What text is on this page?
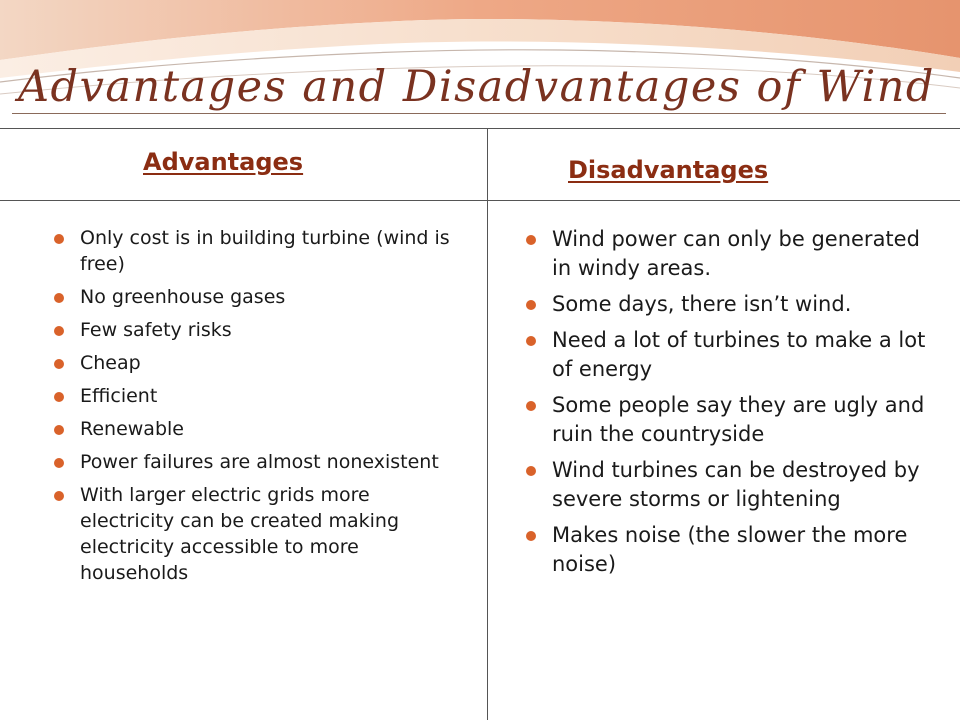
Advantages and Disadvantages of Wind
Advantages	Disadvantages
Only cost is in building turbine (wind is free)
No greenhouse gases
Few safety risks
Cheap
Efficient
Renewable
Power failures are almost nonexistent
With larger electric grids more electricity can be created making electricity accessible to more households
Wind power can only be generated in windy areas.
Some days, there isn’t wind.
Need a lot of turbines to make a lot of energy
Some people say they are ugly and ruin the countryside
Wind turbines can be destroyed by severe storms or lightening
Makes noise (the slower the more noise)
